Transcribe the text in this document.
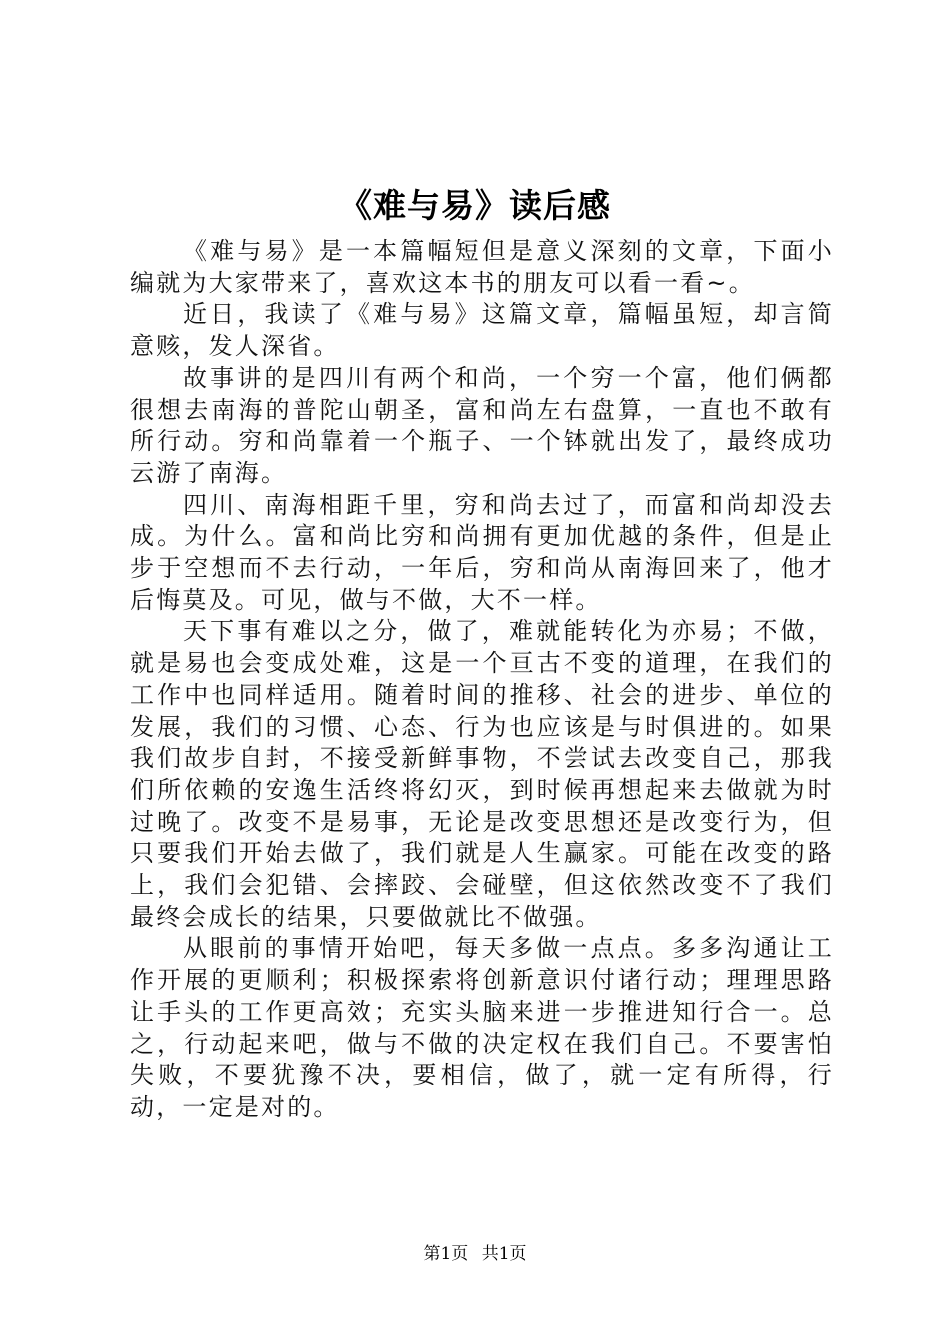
《难与易》读后感

《难与易》是一本篇幅短但是意义深刻的文章，下面小编就为大家带来了，喜欢这本书的朋友可以看一看~。

近日，我读了《难与易》这篇文章，篇幅虽短，却言简意赅，发人深省。

故事讲的是四川有两个和尚，一个穷一个富，他们俩都很想去南海的普陀山朝圣，富和尚左右盘算，一直也不敢有所行动。穷和尚靠着一个瓶子、一个钵就出发了，最终成功云游了南海。

四川、南海相距千里，穷和尚去过了，而富和尚却没去成。为什么。富和尚比穷和尚拥有更加优越的条件，但是止步于空想而不去行动，一年后，穷和尚从南海回来了，他才后悔莫及。可见，做与不做，大不一样。

天下事有难以之分，做了，难就能转化为亦易；不做，就是易也会变成处难，这是一个亘古不变的道理，在我们的工作中也同样适用。随着时间的推移、社会的进步、单位的发展，我们的习惯、心态、行为也应该是与时俱进的。如果我们故步自封，不接受新鲜事物，不尝试去改变自己，那我们所依赖的安逸生活终将幻灭，到时候再想起来去做就为时过晚了。改变不是易事，无论是改变思想还是改变行为，但只要我们开始去做了，我们就是人生赢家。可能在改变的路上，我们会犯错、会摔跤、会碰壁，但这依然改变不了我们最终会成长的结果，只要做就比不做强。

从眼前的事情开始吧，每天多做一点点。多多沟通让工作开展的更顺利；积极探索将创新意识付诸行动；理理思路让手头的工作更高效；充实头脑来进一步推进知行合一。总之，行动起来吧，做与不做的决定权在我们自己。不要害怕失败，不要犹豫不决，要相信，做了，就一定有所得，行动，一定是对的。

第1页 共1页
